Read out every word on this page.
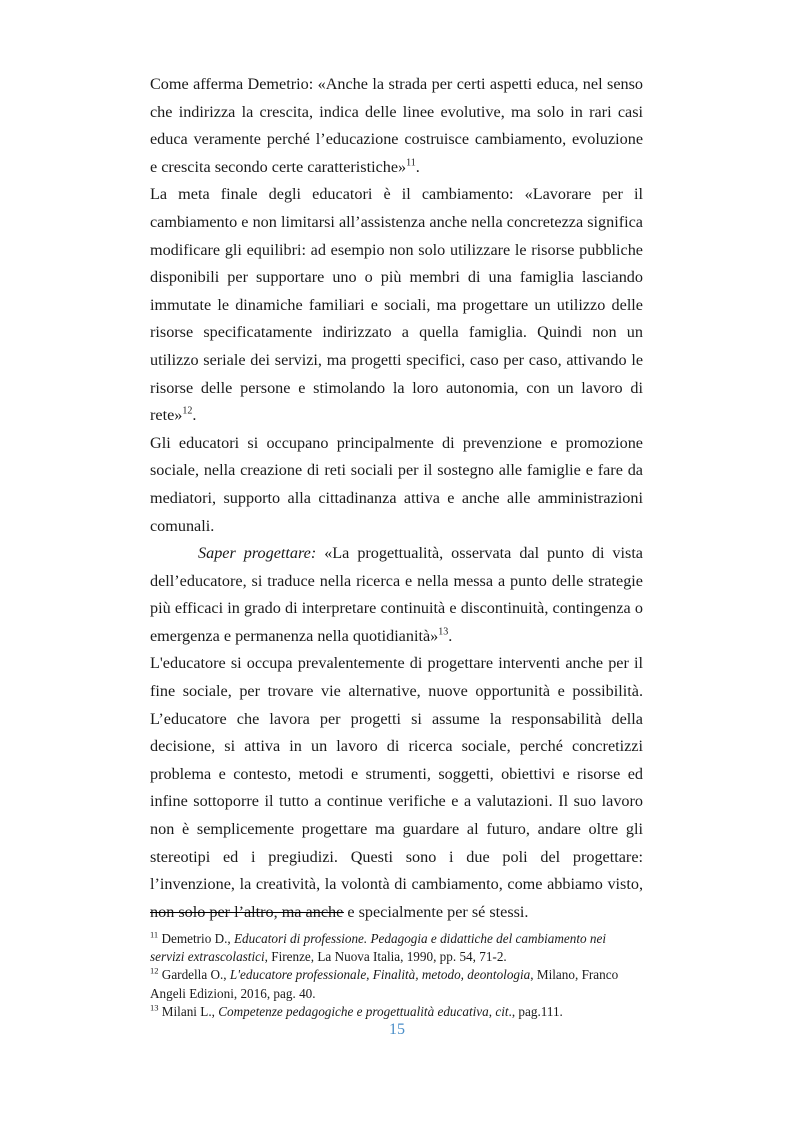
Come afferma Demetrio: «Anche la strada per certi aspetti educa, nel senso che indirizza la crescita, indica delle linee evolutive, ma solo in rari casi educa veramente perché l’educazione costruisce cambiamento, evoluzione e crescita secondo certe caratteristiche»$^{11}$.

La meta finale degli educatori è il cambiamento: «Lavorare per il cambiamento e non limitarsi all’assistenza anche nella concretezza significa modificare gli equilibri: ad esempio non solo utilizzare le risorse pubbliche disponibili per supportare uno o più membri di una famiglia lasciando immutate le dinamiche familiari e sociali, ma progettare un utilizzo delle risorse specificatamente indirizzato a quella famiglia. Quindi non un utilizzo seriale dei servizi, ma progetti specifici, caso per caso, attivando le risorse delle persone e stimolando la loro autonomia, con un lavoro di rete»$^{12}$.

Gli educatori si occupano principalmente di prevenzione e promozione sociale, nella creazione di reti sociali per il sostegno alle famiglie e fare da mediatori, supporto alla cittadinanza attiva e anche alle amministrazioni comunali.

Saper progettare: «La progettualità, osservata dal punto di vista dell’educatore, si traduce nella ricerca e nella messa a punto delle strategie più efficaci in grado di interpretare continuità e discontinuità, contingenza o emergenza e permanenza nella quotidianità»$^{13}$.

L'educatore si occupa prevalentemente di progettare interventi anche per il fine sociale, per trovare vie alternative, nuove opportunità e possibilità. L’educatore che lavora per progetti si assume la responsabilità della decisione, si attiva in un lavoro di ricerca sociale, perché concretizzi problema e contesto, metodi e strumenti, soggetti, obiettivi e risorse ed infine sottoporre il tutto a continue verifiche e a valutazioni. Il suo lavoro non è semplicemente progettare ma guardare al futuro, andare oltre gli stereotipi ed i pregiudizi. Questi sono i due poli del progettare: l’invenzione, la creatività, la volontà di cambiamento, come abbiamo visto, non solo per l’altro, ma anche e specialmente per sé stessi.

$^{11}$ Demetrio D., Educatori di professione. Pedagogia e didattiche del cambiamento nei servizi extrascolastici, Firenze, La Nuova Italia, 1990, pp. 54, 71-2.

$^{12}$ Gardella O., L'educatore professionale, Finalità, metodo, deontologia, Milano, Franco Angeli Edizioni, 2016, pag. 40.

$^{13}$ Milani L., Competenze pedagogiche e progettualità educativa, cit., pag.111.

15
